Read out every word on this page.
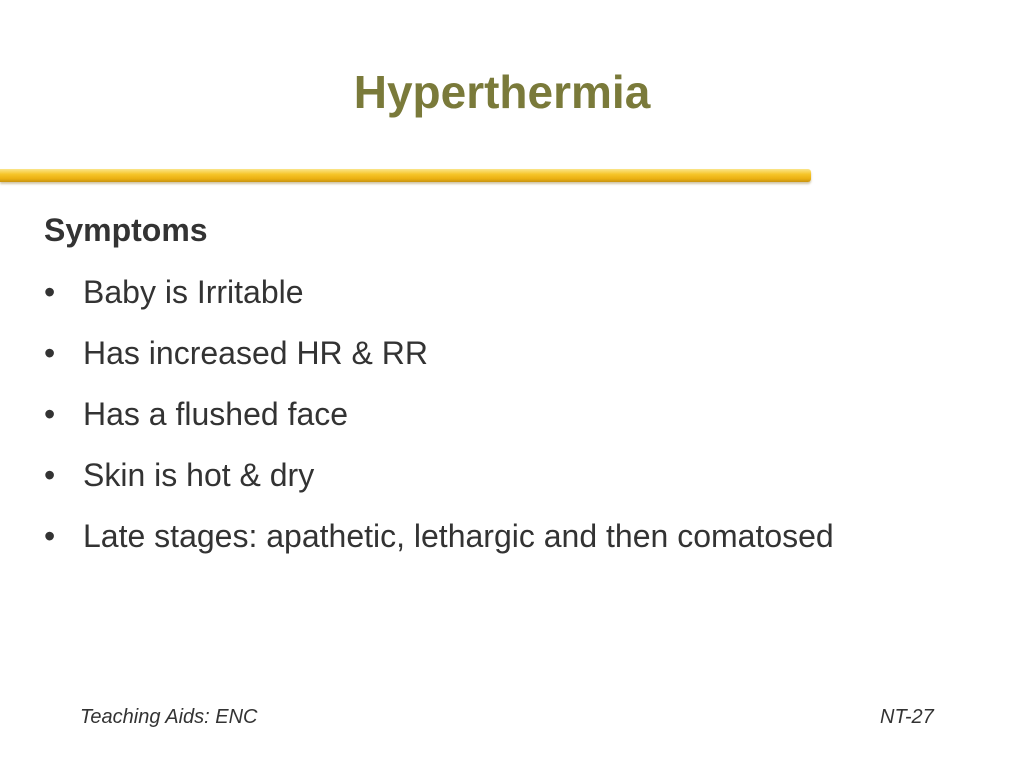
Hyperthermia
Symptoms
• Baby is Irritable
• Has increased HR & RR
• Has a flushed face
• Skin is hot & dry
• Late stages: apathetic, lethargic and then comatosed
Teaching Aids: ENC	NT-27
